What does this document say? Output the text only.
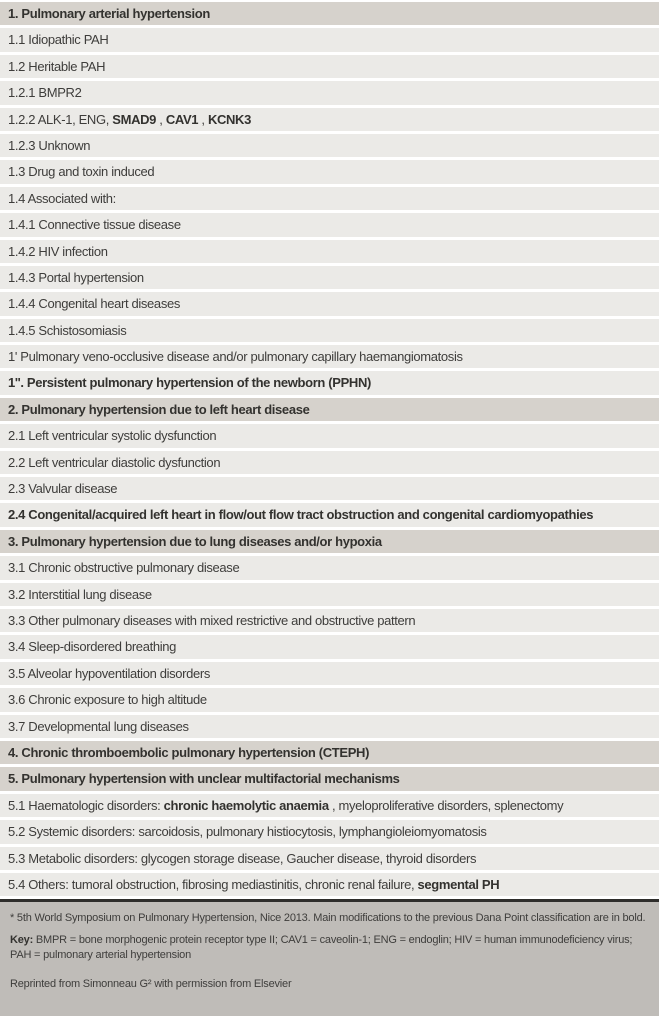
1. Pulmonary arterial hypertension
1.1 Idiopathic PAH
1.2 Heritable PAH
1.2.1 BMPR2
1.2.2 ALK-1, ENG, SMAD9 , CAV1 , KCNK3
1.2.3 Unknown
1.3 Drug and toxin induced
1.4 Associated with:
1.4.1 Connective tissue disease
1.4.2 HIV infection
1.4.3 Portal hypertension
1.4.4 Congenital heart diseases
1.4.5 Schistosomiasis
1' Pulmonary veno-occlusive disease and/or pulmonary capillary haemangiomatosis
1''. Persistent pulmonary hypertension of the newborn (PPHN)
2. Pulmonary hypertension due to left heart disease
2.1 Left ventricular systolic dysfunction
2.2 Left ventricular diastolic dysfunction
2.3 Valvular disease
2.4 Congenital/acquired left heart in flow/out flow tract obstruction and congenital cardiomyopathies
3. Pulmonary hypertension due to lung diseases and/or hypoxia
3.1 Chronic obstructive pulmonary disease
3.2 Interstitial lung disease
3.3 Other pulmonary diseases with mixed restrictive and obstructive pattern
3.4 Sleep-disordered breathing
3.5 Alveolar hypoventilation disorders
3.6 Chronic exposure to high altitude
3.7 Developmental lung diseases
4. Chronic thromboembolic pulmonary hypertension (CTEPH)
5. Pulmonary hypertension with unclear multifactorial mechanisms
5.1 Haematologic disorders: chronic haemolytic anaemia , myeloproliferative disorders, splenectomy
5.2 Systemic disorders: sarcoidosis, pulmonary histiocytosis, lymphangioleiomyomatosis
5.3 Metabolic disorders: glycogen storage disease, Gaucher disease, thyroid disorders
5.4 Others: tumoral obstruction, fibrosing mediastinitis, chronic renal failure, segmental PH

* 5th World Symposium on Pulmonary Hypertension, Nice 2013. Main modifications to the previous Dana Point classification are in bold.

Key: BMPR = bone morphogenic protein receptor type II; CAV1 = caveolin-1; ENG = endoglin; HIV = human immunodeficiency virus; PAH = pulmonary arterial hypertension

Reprinted from Simonneau G² with permission from Elsevier
